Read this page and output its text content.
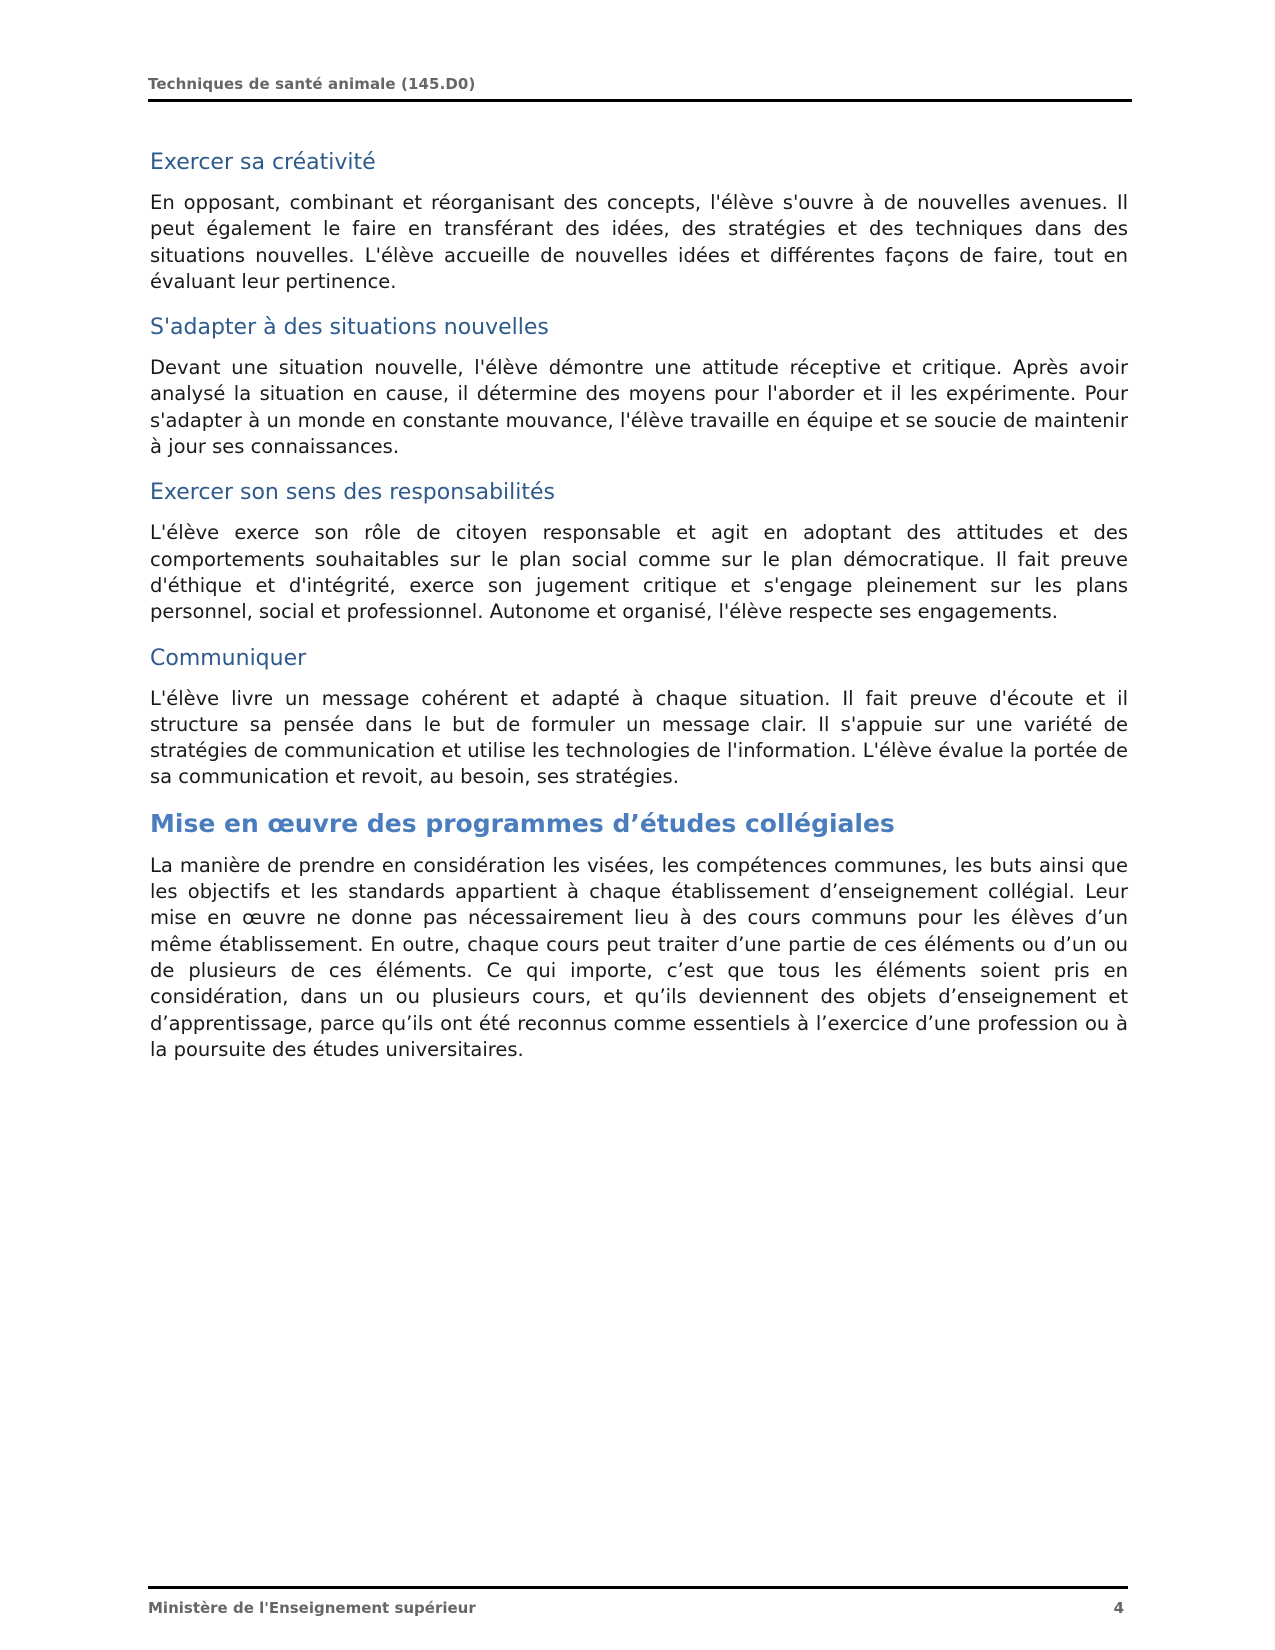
Techniques de santé animale (145.D0)
Exercer sa créativité

En opposant, combinant et réorganisant des concepts, l'élève s'ouvre à de nouvelles avenues. Il peut également le faire en transférant des idées, des stratégies et des techniques dans des situations nouvelles. L'élève accueille de nouvelles idées et différentes façons de faire, tout en évaluant leur pertinence.

S'adapter à des situations nouvelles

Devant une situation nouvelle, l'élève démontre une attitude réceptive et critique. Après avoir analysé la situation en cause, il détermine des moyens pour l'aborder et il les expérimente. Pour s'adapter à un monde en constante mouvance, l'élève travaille en équipe et se soucie de maintenir à jour ses connaissances.

Exercer son sens des responsabilités

L'élève exerce son rôle de citoyen responsable et agit en adoptant des attitudes et des comportements souhaitables sur le plan social comme sur le plan démocratique. Il fait preuve d'éthique et d'intégrité, exerce son jugement critique et s'engage pleinement sur les plans personnel, social et professionnel. Autonome et organisé, l'élève respecte ses engagements.

Communiquer

L'élève livre un message cohérent et adapté à chaque situation. Il fait preuve d'écoute et il structure sa pensée dans le but de formuler un message clair. Il s'appuie sur une variété de stratégies de communication et utilise les technologies de l'information. L'élève évalue la portée de sa communication et revoit, au besoin, ses stratégies.

Mise en œuvre des programmes d’études collégiales

La manière de prendre en considération les visées, les compétences communes, les buts ainsi que les objectifs et les standards appartient à chaque établissement d’enseignement collégial. Leur mise en œuvre ne donne pas nécessairement lieu à des cours communs pour les élèves d’un même établissement. En outre, chaque cours peut traiter d’une partie de ces éléments ou d’un ou de plusieurs de ces éléments. Ce qui importe, c’est que tous les éléments soient pris en considération, dans un ou plusieurs cours, et qu’ils deviennent des objets d’enseignement et d’apprentissage, parce qu’ils ont été reconnus comme essentiels à l’exercice d’une profession ou à la poursuite des études universitaires.

Ministère de l'Enseignement supérieur	4
